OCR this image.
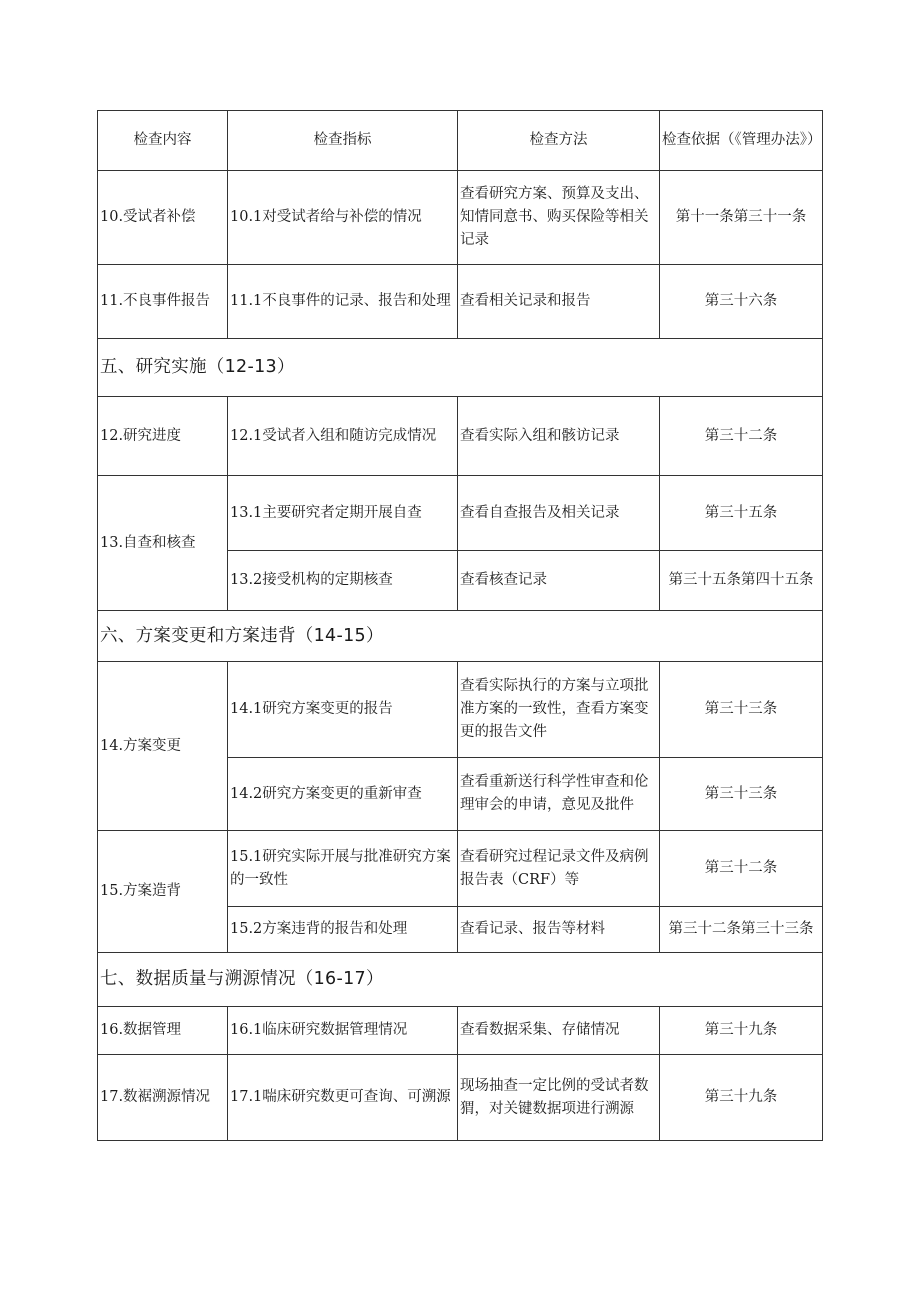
检查内容	检查指标	检查方法	检查依据（《管理办法》）
10.受试者补偿	10.1对受试者给与补偿的情况	查看研究方案、预算及支出、知情同意书、购买保险等相关记录	第十一条第三十一条
11.不良事件报告	11.1不良事件的记录、报告和处理	查看相关记录和报告	第三十六条
五、研究实施（12-13）			
12.研究进度	12.1受试者入组和随访完成情况	查看实际入组和骸访记录	第三十二条
13.自查和核查	13.1主要研究者定期开展自查	查看自查报告及相关记录	第三十五条
	13.2接受机构的定期核查	查看核查记录	第三十五条第四十五条
六、方案变更和方案违背（14-15）			
14.方案变更	14.1研究方案变更的报告	查看实际执行的方案与立项批准方案的一致性，查看方案变更的报告文件	第三十三条
	14.2研究方案变更的重新审查	查看重新送行科学性审查和伦理审会的申请，意见及批件	第三十三条
15.方案造背	15.1研究实际开展与批准研究方案的一致性	查看研究过程记录文件及病例报告表（CRF）等	第三十二条
	15.2方案违背的报告和处理	查看记录、报告等材料	第三十二条第三十三条
七、数据质量与溯源情况（16-17）			
16.数据管理	16.1临床研究数据管理情况	查看数据采集、存储情况	第三十九条
17.数裾溯源情况	17.1喘床研究数更可查询、可溯源	现场抽查一定比例的受试者数猬，对关键数据项进行溯源	第三十九条
